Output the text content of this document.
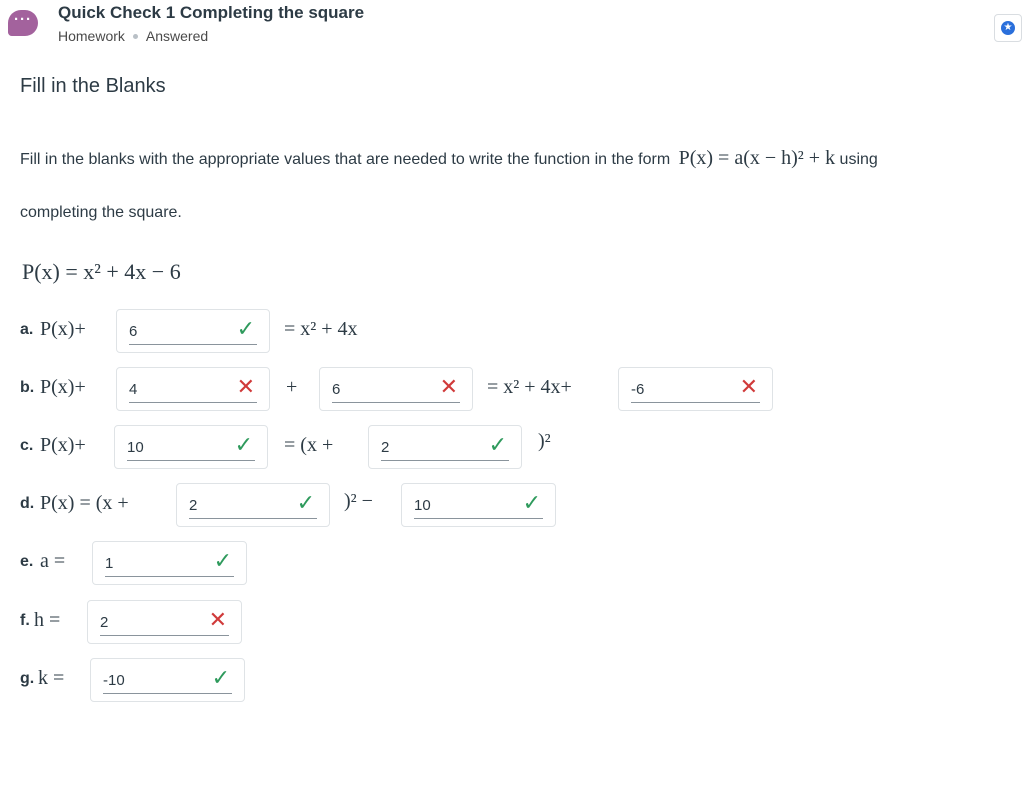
···	Quick Check 1 Completing the square
Homework Answered
★
Fill in the Blanks
Fill in the blanks with the appropriate values that are needed to write the function in the form P(x) = a(x − h)² + k using
completing the square.
P(x) = x² + 4x − 6
a. P(x)+	6	✓ = x² + 4x
b. P(x)+	4	✕ + 6	✕ = x² + 4x+	-6	✕
c. P(x)+	10	✓ = (x +	2	✓ )²
d. P(x) = (x +	2	✓ )² −	10	✓
e. a =	1	✓
f. h =	2	✕
g. k =	-10	✓
